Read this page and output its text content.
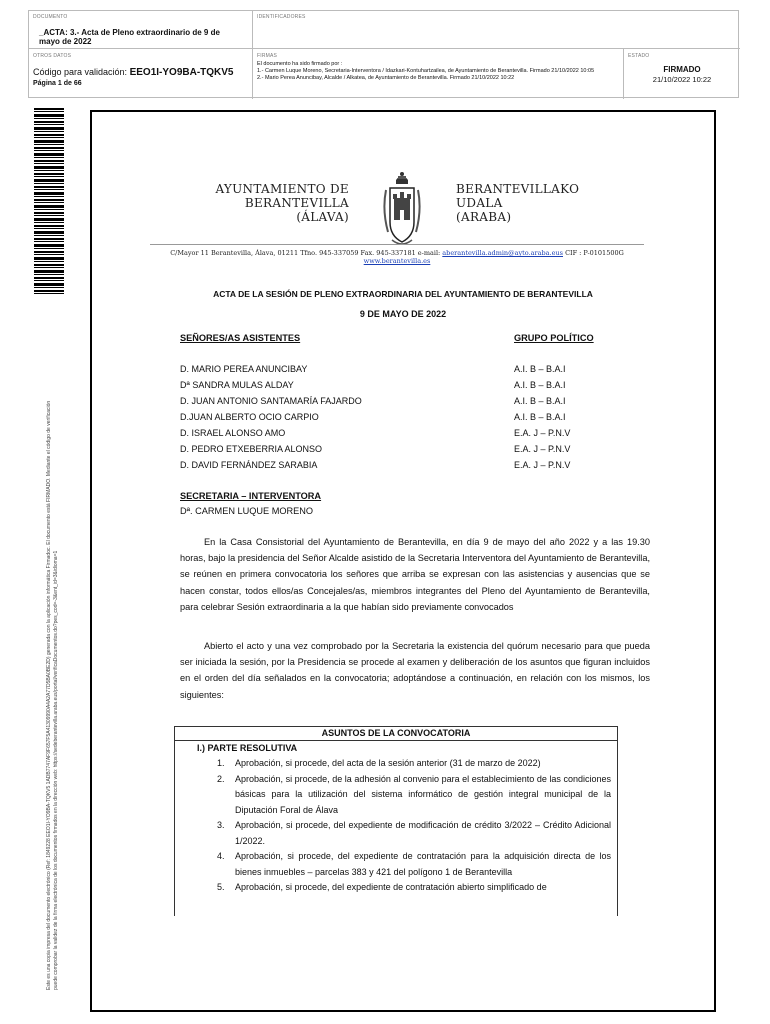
DOCUMENTO
_ACTA: 3.- Acta de Pleno extraordinario de 9 de mayo de 2022
IDENTIFICADORES
OTROS DATOS
Código para validación: EEO1I-YO9BA-TQKV5
Página 1 de 66
FIRMAS
El documento ha sido firmado por :
1.- Carmen Luque Moreno, Secretaria-Interventora / Idazkari-Kontuhartzailea, de Ayuntamiento de Berantevilla. Firmado 21/10/2022 10:05
2.- Mario Perea Anuncibay, Alcalde / Alkatea, de Ayuntamiento de Berantevilla. Firmado 21/10/2022 10:22
ESTADO
FIRMADO
21/10/2022 10:22
Este es una copia impresa del documento electrónico (Ref: 1849228 EEO1I-YO9BA-TQKV5 1ADB7747AF9F657F5A41309990A4A2A77D5BA0BE2D) generada con la aplicación informática Firmadoc. El documento está FIRMADO. Mediante el código de verificación puede comprobar la validez de la firma electrónica de los documentos firmados en la dirección web: https://sedeberantevilla.araba.eus/portal/verificaDocumentos.do?pes_cod=-3&ent_id=3&idioma=1
AYUNTAMIENTO DE
BERANTEVILLA
(ÁLAVA)
BERANTEVILLAKO
UDALA
(ARABA)
C/Mayor 11 Berantevilla, Álava, 01211 Tfno. 945-337059 Fax. 945-337181 e-mail: aberantevilla.admin@ayto.araba.eus CIF : P-0101500G
www.berantevilla.es
ACTA DE LA SESIÓN DE PLENO EXTRAORDINARIA DEL AYUNTAMIENTO DE BERANTEVILLA
9 DE MAYO DE 2022
SEÑORES/AS ASISTENTES	GRUPO POLÍTICO
D. MARIO PEREA ANUNCIBAY	A.I. B – B.A.I
Dª SANDRA MULAS ALDAY	A.I. B – B.A.I
D. JUAN ANTONIO SANTAMARÍA FAJARDO	A.I. B – B.A.I
D.JUAN ALBERTO OCIO CARPIO	A.I. B – B.A.I
D. ISRAEL ALONSO AMO	E.A. J – P.N.V
D. PEDRO ETXEBERRIA ALONSO	E.A. J – P.N.V
D. DAVID FERNÁNDEZ SARABIA	E.A. J – P.N.V
SECRETARIA – INTERVENTORA
Dª. CARMEN LUQUE MORENO

En la Casa Consistorial del Ayuntamiento de Berantevilla, en día 9 de mayo del año 2022 y a las 19.30 horas, bajo la presidencia del Señor Alcalde asistido de la Secretaria Interventora del Ayuntamiento de Berantevilla, se reúnen en primera convocatoria los señores que arriba se expresan con las asistencias y ausencias que se hacen constar, todos ellos/as Concejales/as, miembros integrantes del Pleno del Ayuntamiento de Berantevilla, para celebrar Sesión extraordinaria a la que habían sido previamente convocados

Abierto el acto y una vez comprobado por la Secretaria la existencia del quórum necesario para que pueda ser iniciada la sesión, por la Presidencia se procede al examen y deliberación de los asuntos que figuran incluidos en el orden del día señalados en la convocatoria; adoptándose a continuación, en relación con los mismos, los siguientes:

ASUNTOS DE LA CONVOCATORIA
I.) PARTE RESOLUTIVA
1. Aprobación, si procede, del acta de la sesión anterior (31 de marzo de 2022)
2. Aprobación, si procede, de la adhesión al convenio para el establecimiento de las condiciones básicas para la utilización del sistema informático de gestión integral municipal de la Diputación Foral de Álava
3. Aprobación, si procede, del expediente de modificación de crédito 3/2022 – Crédito Adicional 1/2022.
4. Aprobación, si procede, del expediente de contratación para la adquisición directa de los bienes inmuebles – parcelas 383 y 421 del polígono 1 de Berantevilla
5. Aprobación, si procede, del expediente de contratación abierto simplificado de
